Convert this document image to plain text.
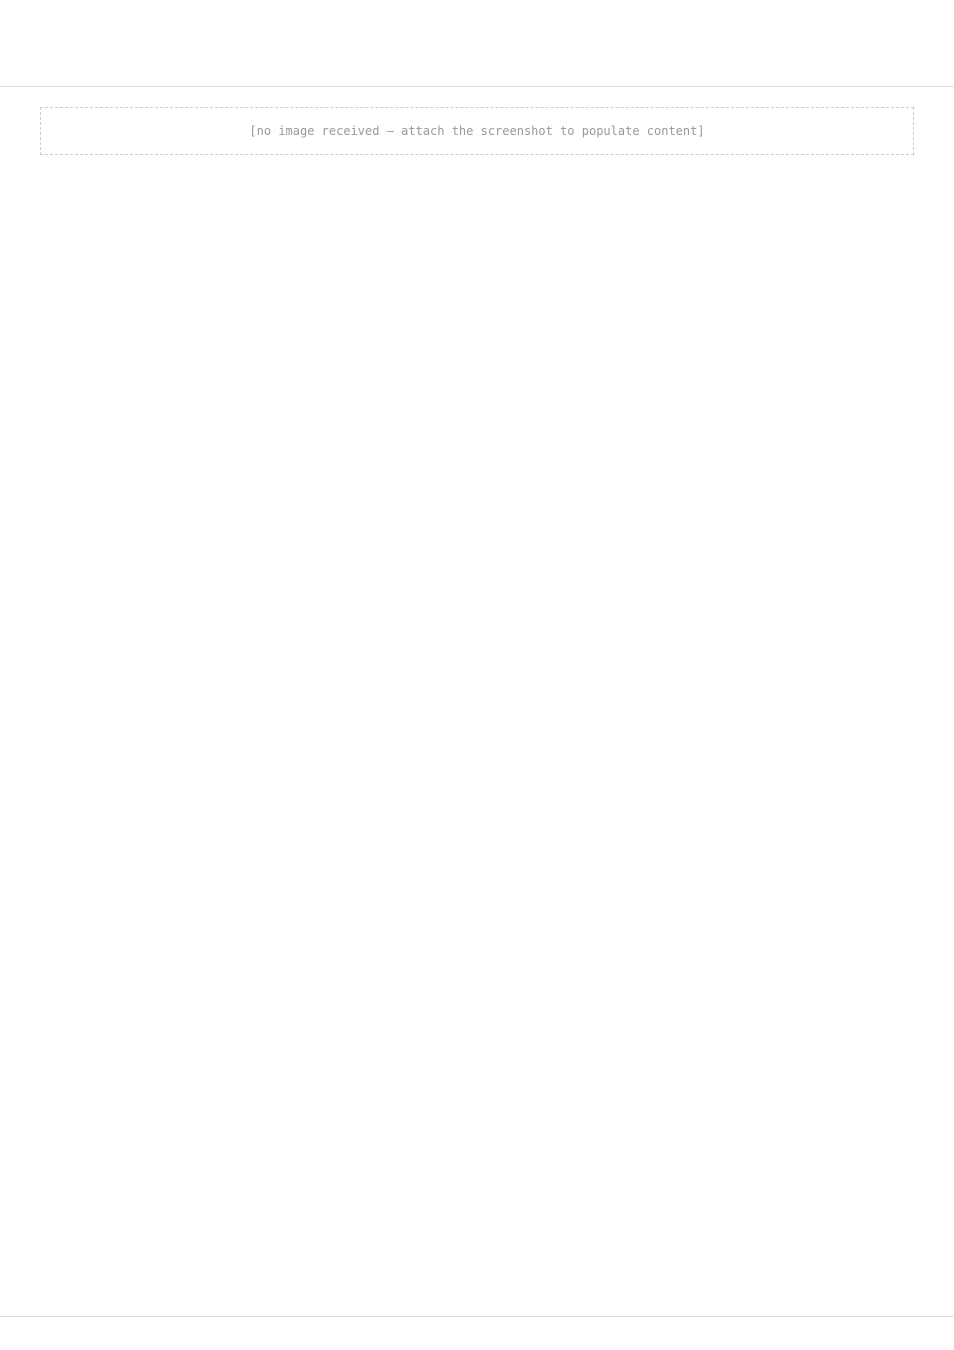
[no image received — attach the screenshot to populate content]
